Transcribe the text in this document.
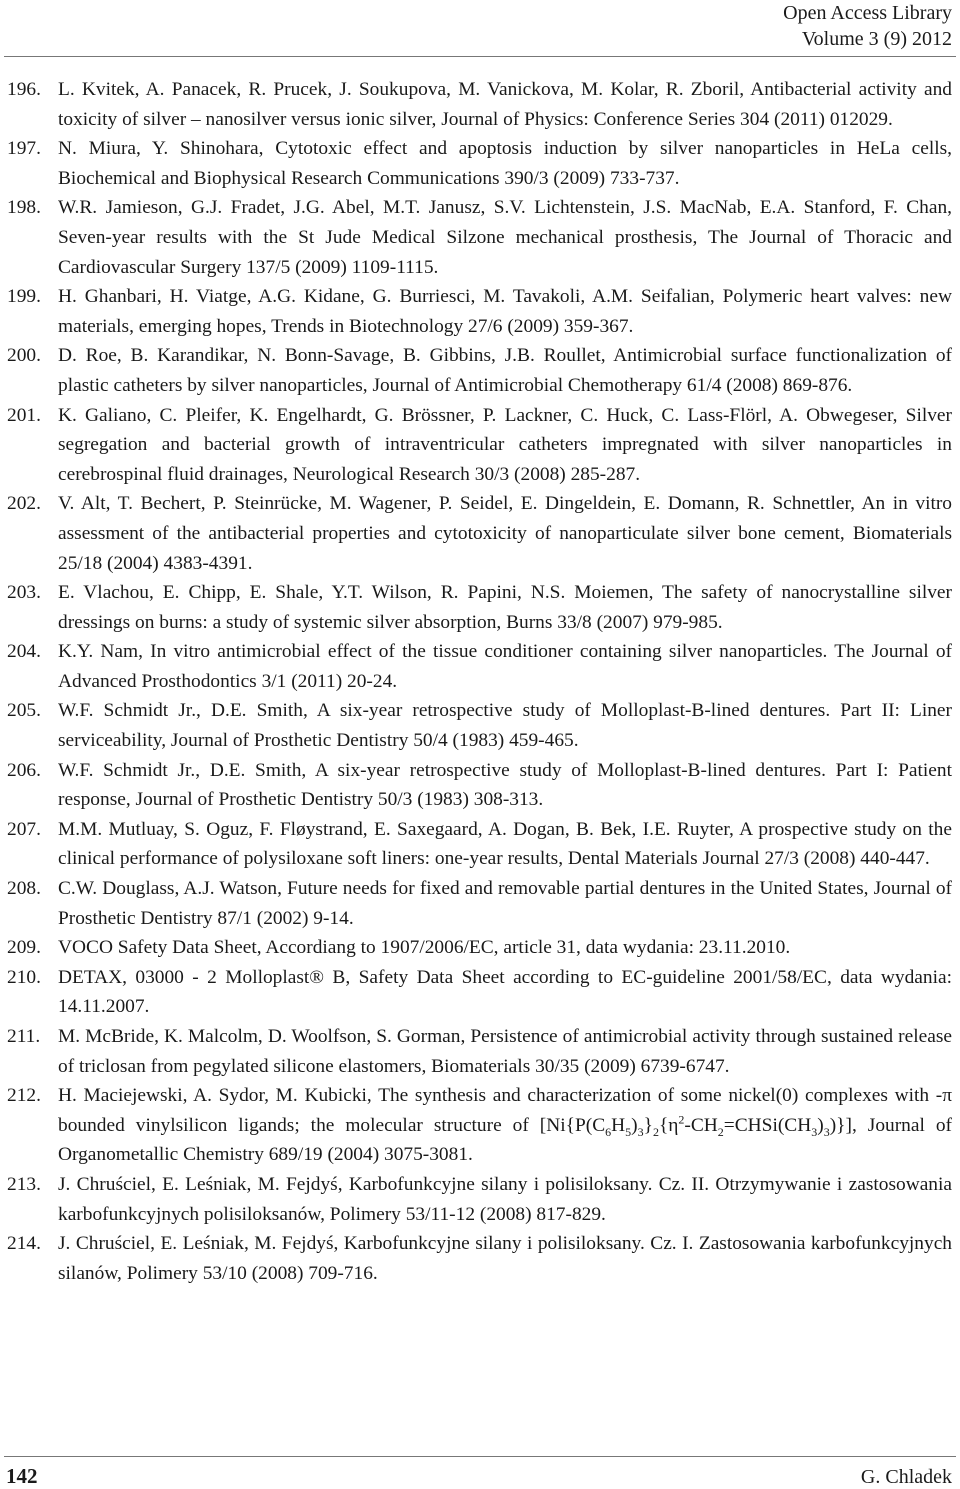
Open Access Library
Volume 3 (9) 2012
196. L. Kvitek, A. Panacek, R. Prucek, J. Soukupova, M. Vanickova, M. Kolar, R. Zboril, Antibacterial activity and toxicity of silver – nanosilver versus ionic silver, Journal of Physics: Conference Series 304 (2011) 012029.
197. N. Miura, Y. Shinohara, Cytotoxic effect and apoptosis induction by silver nanoparticles in HeLa cells, Biochemical and Biophysical Research Communications 390/3 (2009) 733-737.
198. W.R. Jamieson, G.J. Fradet, J.G. Abel, M.T. Janusz, S.V. Lichtenstein, J.S. MacNab, E.A. Stanford, F. Chan, Seven-year results with the St Jude Medical Silzone mechanical prosthesis, The Journal of Thoracic and Cardiovascular Surgery 137/5 (2009) 1109-1115.
199. H. Ghanbari, H. Viatge, A.G. Kidane, G. Burriesci, M. Tavakoli, A.M. Seifalian, Polymeric heart valves: new materials, emerging hopes, Trends in Biotechnology 27/6 (2009) 359-367.
200. D. Roe, B. Karandikar, N. Bonn-Savage, B. Gibbins, J.B. Roullet, Antimicrobial surface functionalization of plastic catheters by silver nanoparticles, Journal of Antimicrobial Chemotherapy 61/4 (2008) 869-876.
201. K. Galiano, C. Pleifer, K. Engelhardt, G. Brössner, P. Lackner, C. Huck, C. Lass-Flörl, A. Obwegeser, Silver segregation and bacterial growth of intraventricular catheters impregnated with silver nanoparticles in cerebrospinal fluid drainages, Neurological Research 30/3 (2008) 285-287.
202. V. Alt, T. Bechert, P. Steinrücke, M. Wagener, P. Seidel, E. Dingeldein, E. Domann, R. Schnettler, An in vitro assessment of the antibacterial properties and cytotoxicity of nanoparticulate silver bone cement, Biomaterials 25/18 (2004) 4383-4391.
203. E. Vlachou, E. Chipp, E. Shale, Y.T. Wilson, R. Papini, N.S. Moiemen, The safety of nanocrystalline silver dressings on burns: a study of systemic silver absorption, Burns 33/8 (2007) 979-985.
204. K.Y. Nam, In vitro antimicrobial effect of the tissue conditioner containing silver nanoparticles. The Journal of Advanced Prosthodontics 3/1 (2011) 20-24.
205. W.F. Schmidt Jr., D.E. Smith, A six-year retrospective study of Molloplast-B-lined dentures. Part II: Liner serviceability, Journal of Prosthetic Dentistry 50/4 (1983) 459-465.
206. W.F. Schmidt Jr., D.E. Smith, A six-year retrospective study of Molloplast-B-lined dentures. Part I: Patient response, Journal of Prosthetic Dentistry 50/3 (1983) 308-313.
207. M.M. Mutluay, S. Oguz, F. Fløystrand, E. Saxegaard, A. Dogan, B. Bek, I.E. Ruyter, A prospective study on the clinical performance of polysiloxane soft liners: one-year results, Dental Materials Journal 27/3 (2008) 440-447.
208. C.W. Douglass, A.J. Watson, Future needs for fixed and removable partial dentures in the United States, Journal of Prosthetic Dentistry 87/1 (2002) 9-14.
209. VOCO Safety Data Sheet, Accordiang to 1907/2006/EC, article 31, data wydania: 23.11.2010.
210. DETAX, 03000 - 2 Molloplast® B, Safety Data Sheet according to EC-guideline 2001/58/EC, data wydania: 14.11.2007.
211. M. McBride, K. Malcolm, D. Woolfson, S. Gorman, Persistence of antimicrobial activity through sustained release of triclosan from pegylated silicone elastomers, Biomaterials 30/35 (2009) 6739-6747.
212. H. Maciejewski, A. Sydor, M. Kubicki, The synthesis and characterization of some nickel(0) complexes with -π bounded vinylsilicon ligands; the molecular structure of $[Ni\{P(C_6H_5)_3\}_2\{\eta^2-CH_2=CHSi(CH_3)_3)\}$], Journal of Organometallic Chemistry 689/19 (2004) 3075-3081.
213. J. Chruściel, E. Leśniak, M. Fejdyś, Karbofunkcyjne silany i polisiloksany. Cz. II. Otrzymywanie i zastosowania karbofunkcyjnych polisiloksanów, Polimery 53/11-12 (2008) 817-829.
214. J. Chruściel, E. Leśniak, M. Fejdyś, Karbofunkcyjne silany i polisiloksany. Cz. I. Zastosowania karbofunkcyjnych silanów, Polimery 53/10 (2008) 709-716.
142	G. Chladek
